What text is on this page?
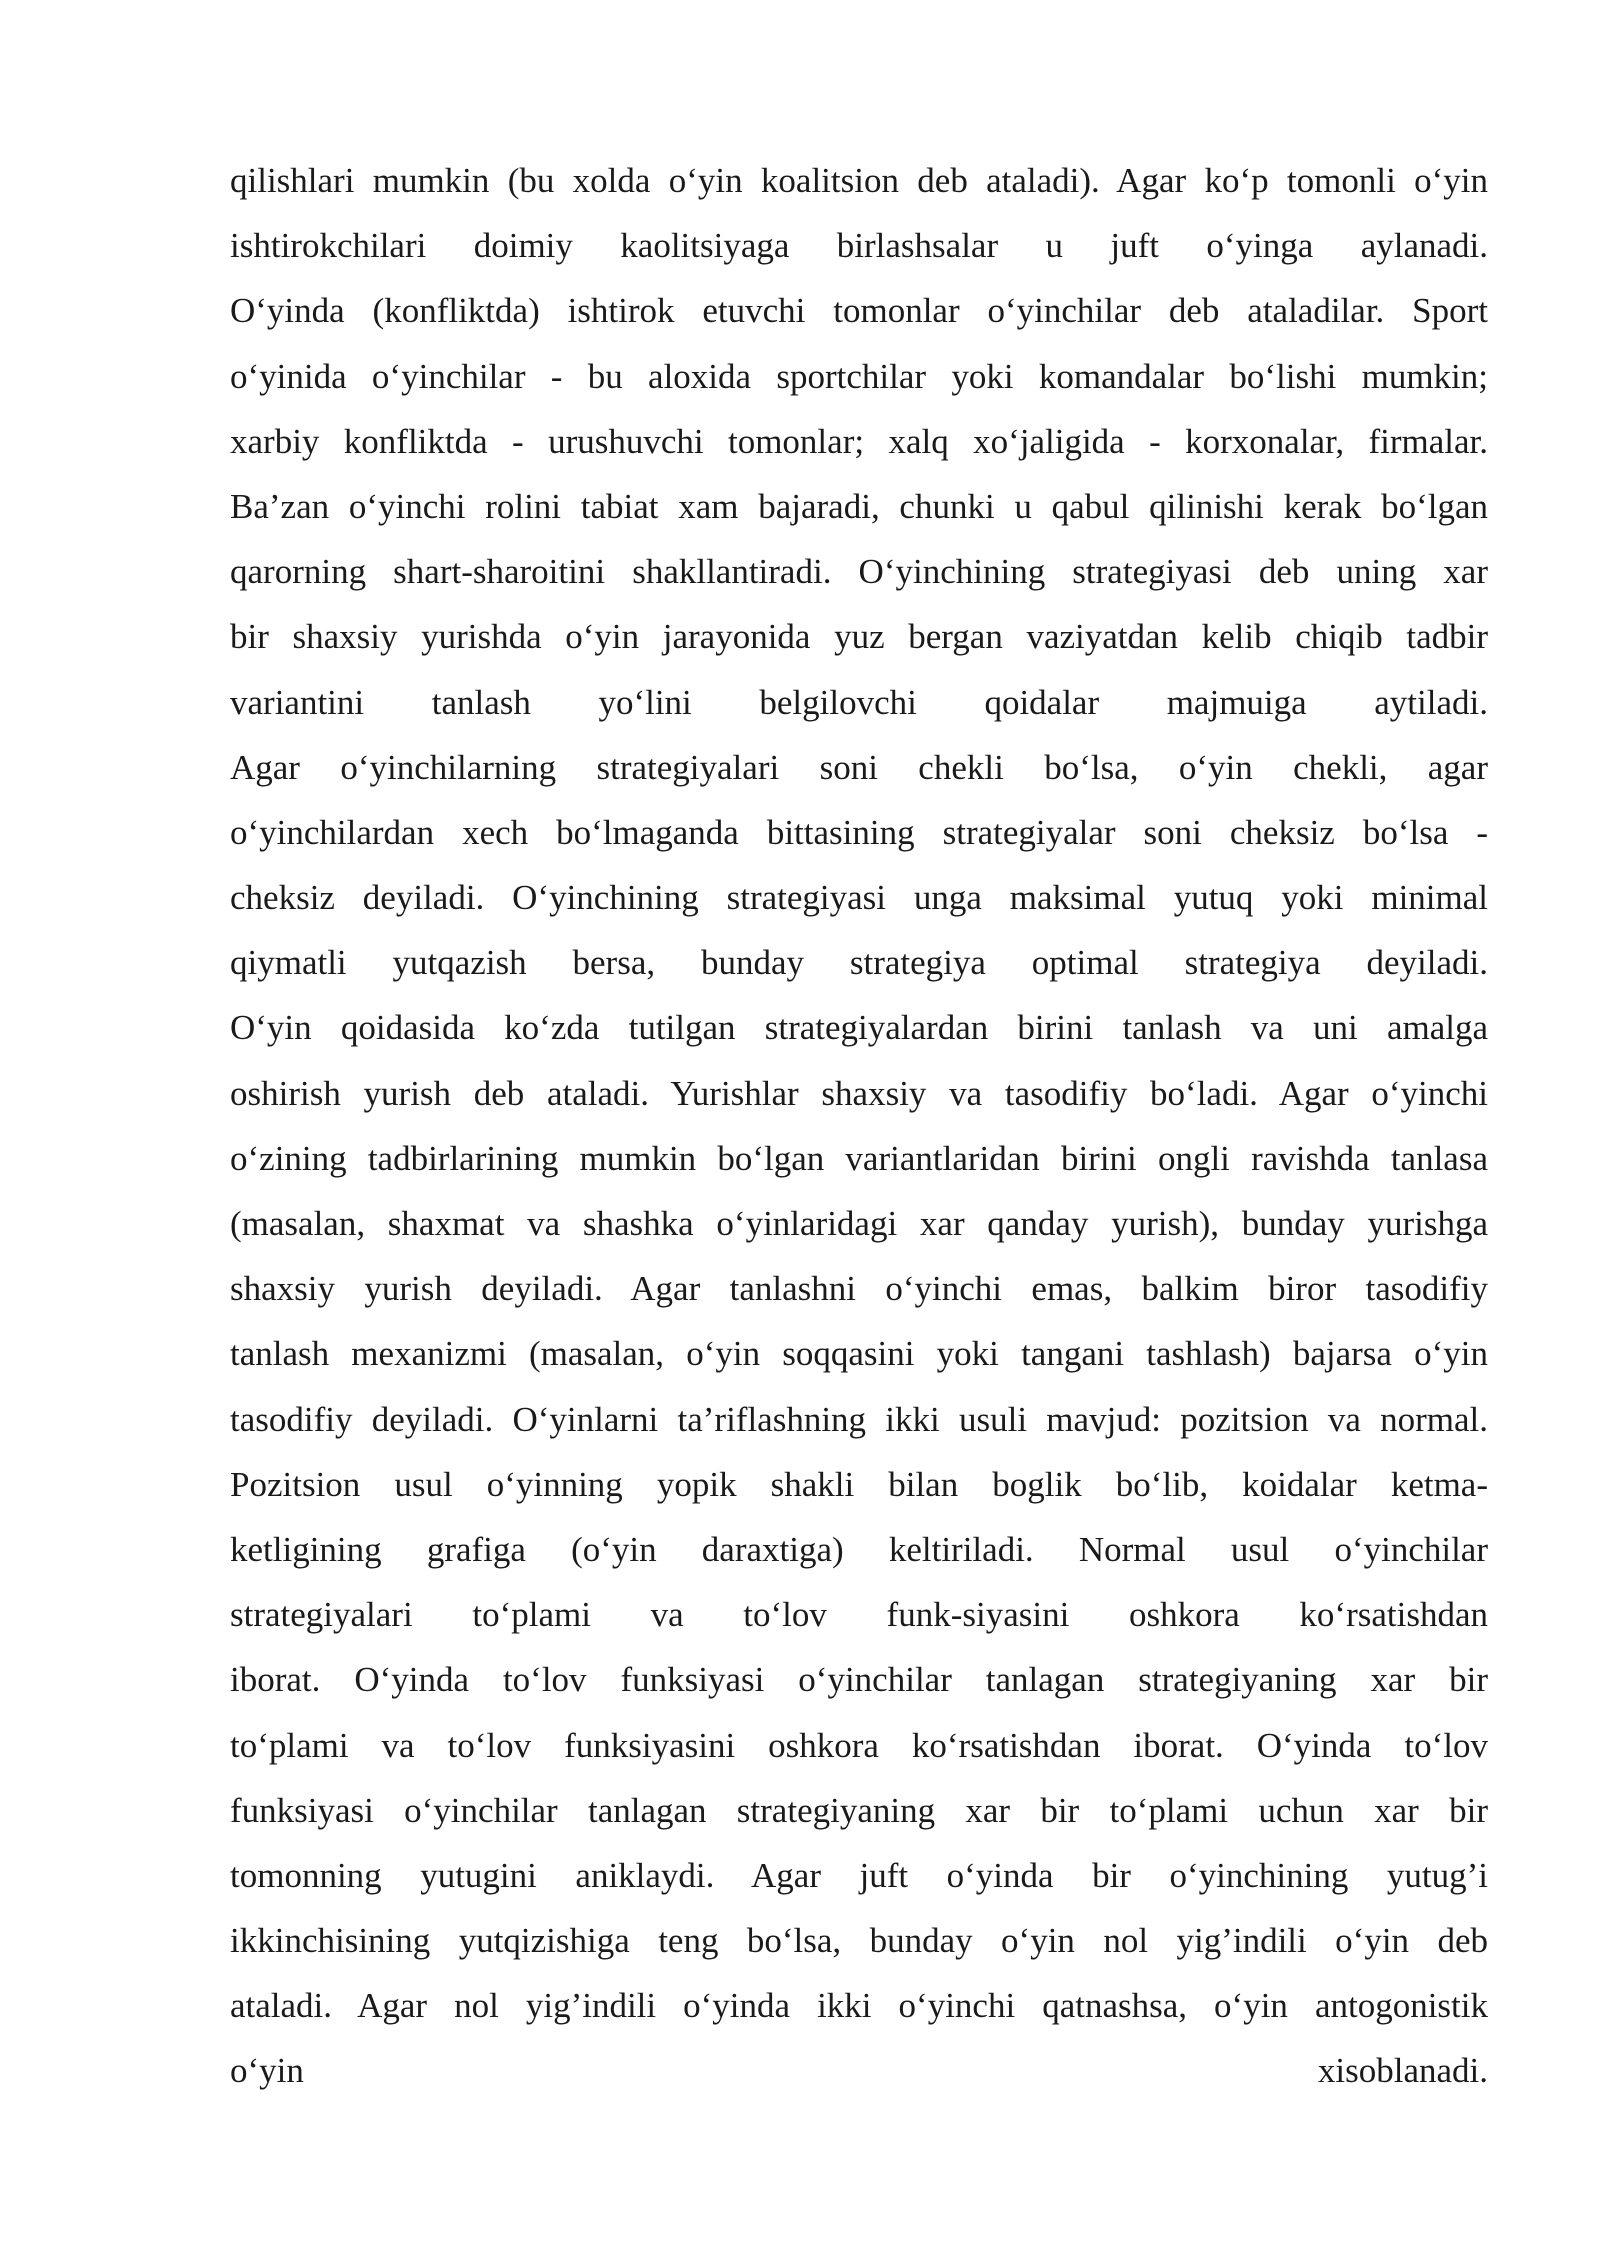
qilishlari mumkin (bu xolda o‘yin koalitsion deb ataladi). Agar ko‘p tomonli o‘yin
ishtirokchilari doimiy kaolitsiyaga birlashsalar u juft o‘yinga aylanadi.
O‘yinda (konfliktda) ishtirok etuvchi tomonlar o‘yinchilar deb ataladilar. Sport
o‘yinida o‘yinchilar - bu aloxida sportchilar yoki komandalar bo‘lishi mumkin;
xarbiy konfliktda - urushuvchi tomonlar; xalq xo‘jaligida - korxonalar, firmalar.
Ba’zan o‘yinchi rolini tabiat xam bajaradi, chunki u qabul qilinishi kerak bo‘lgan
qarorning shart-sharoitini shakllantiradi. O‘yinchining strategiyasi deb uning xar
bir shaxsiy yurishda o‘yin jarayonida yuz bergan vaziyatdan kelib chiqib tadbir
variantini tanlash yo‘lini belgilovchi qoidalar majmuiga aytiladi.
Agar o‘yinchilarning strategiyalari soni chekli bo‘lsa, o‘yin chekli, agar
o‘yinchilardan xech bo‘lmaganda bittasining strategiyalar soni cheksiz bo‘lsa -
cheksiz deyiladi. O‘yinchining strategiyasi unga maksimal yutuq yoki minimal
qiymatli yutqazish bersa, bunday strategiya optimal strategiya deyiladi.
O‘yin qoidasida ko‘zda tutilgan strategiyalardan birini tanlash va uni amalga
oshirish yurish deb ataladi. Yurishlar shaxsiy va tasodifiy bo‘ladi. Agar o‘yinchi
o‘zining tadbirlarining mumkin bo‘lgan variantlaridan birini ongli ravishda tanlasa
(masalan, shaxmat va shashka o‘yinlaridagi xar qanday yurish), bunday yurishga
shaxsiy yurish deyiladi. Agar tanlashni o‘yinchi emas, balkim biror tasodifiy
tanlash mexanizmi (masalan, o‘yin soqqasini yoki tangani tashlash) bajarsa o‘yin
tasodifiy deyiladi. O‘yinlarni ta’riflashning ikki usuli mavjud: pozitsion va normal.
Pozitsion usul o‘yinning yopik shakli bilan boglik bo‘lib, koidalar ketma-
ketligining grafiga (o‘yin daraxtiga) keltiriladi. Normal usul o‘yinchilar
strategiyalari to‘plami va to‘lov funk-siyasini oshkora ko‘rsatishdan
iborat. O‘yinda to‘lov funksiyasi o‘yinchilar tanlagan strategiyaning xar bir
to‘plami va to‘lov funksiyasini oshkora ko‘rsatishdan iborat. O‘yinda to‘lov
funksiyasi o‘yinchilar tanlagan strategiyaning xar bir to‘plami uchun xar bir
tomonning yutugini aniklaydi. Agar juft o‘yinda bir o‘yinchining yutug’i
ikkinchisining yutqizishiga teng bo‘lsa, bunday o‘yin nol yig’indili o‘yin deb
ataladi. Agar nol yig’indili o‘yinda ikki o‘yinchi qatnashsa, o‘yin antogonistik
o‘yin xisoblanadi.
